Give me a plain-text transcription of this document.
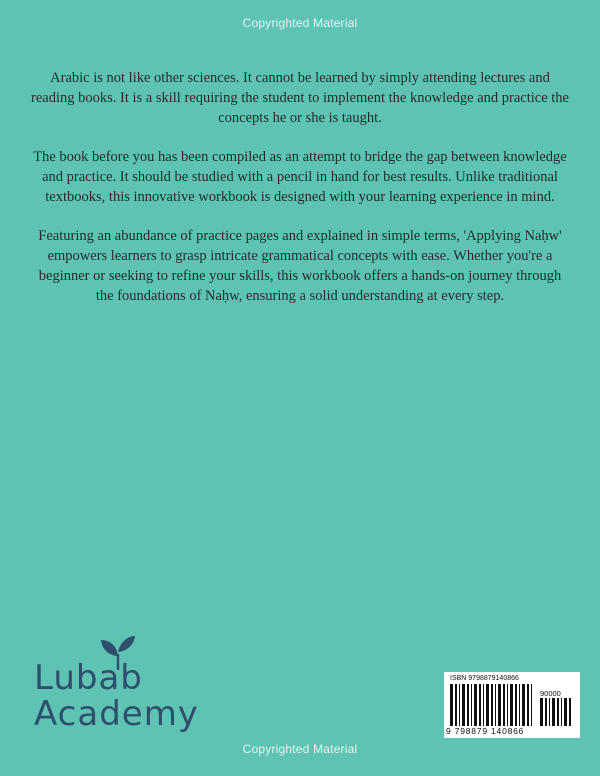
Copyrighted Material

Arabic is not like other sciences. It cannot be learned by simply attending lectures and reading books. It is a skill requiring the student to implement the knowledge and practice the concepts he or she is taught.

The book before you has been compiled as an attempt to bridge the gap between knowledge and practice. It should be studied with a pencil in hand for best results. Unlike traditional textbooks, this innovative workbook is designed with your learning experience in mind.

Featuring an abundance of practice pages and explained in simple terms, 'Applying Naḥw' empowers learners to grasp intricate grammatical concepts with ease. Whether you're a beginner or seeking to refine your skills, this workbook offers a hands-on journey through the foundations of Naḥw, ensuring a solid understanding at every step.

Lubab
Academy
ISBN 9798879140866
90000
9 798879 140866
Copyrighted Material
